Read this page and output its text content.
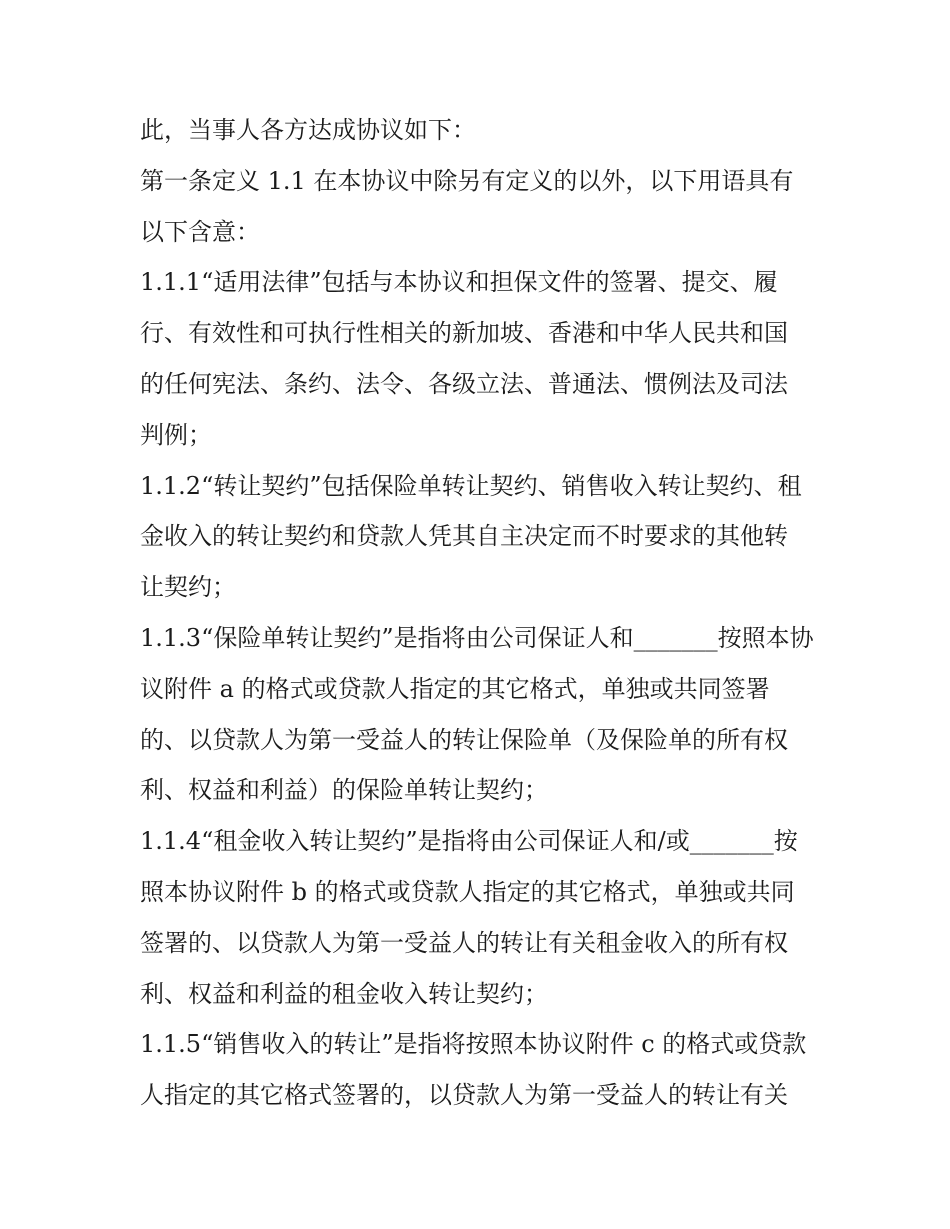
此，当事人各方达成协议如下：
第一条定义 1.1 在本协议中除另有定义的以外，以下用语具有
以下含意：
1.1.1“适用法律”包括与本协议和担保文件的签署、提交、履
行、有效性和可执行性相关的新加坡、香港和中华人民共和国
的任何宪法、条约、法令、各级立法、普通法、惯例法及司法
判例；
1.1.2“转让契约”包括保险单转让契约、销售收入转让契约、租
金收入的转让契约和贷款人凭其自主决定而不时要求的其他转
让契约；
1.1.3“保险单转让契约”是指将由公司保证人和_______按照本协
议附件 a 的格式或贷款人指定的其它格式，单独或共同签署
的、以贷款人为第一受益人的转让保险单（及保险单的所有权
利、权益和利益）的保险单转让契约；
1.1.4“租金收入转让契约”是指将由公司保证人和/或_______按
照本协议附件 b 的格式或贷款人指定的其它格式，单独或共同
签署的、以贷款人为第一受益人的转让有关租金收入的所有权
利、权益和利益的租金收入转让契约；
1.1.5“销售收入的转让”是指将按照本协议附件 c 的格式或贷款
人指定的其它格式签署的，以贷款人为第一受益人的转让有关
